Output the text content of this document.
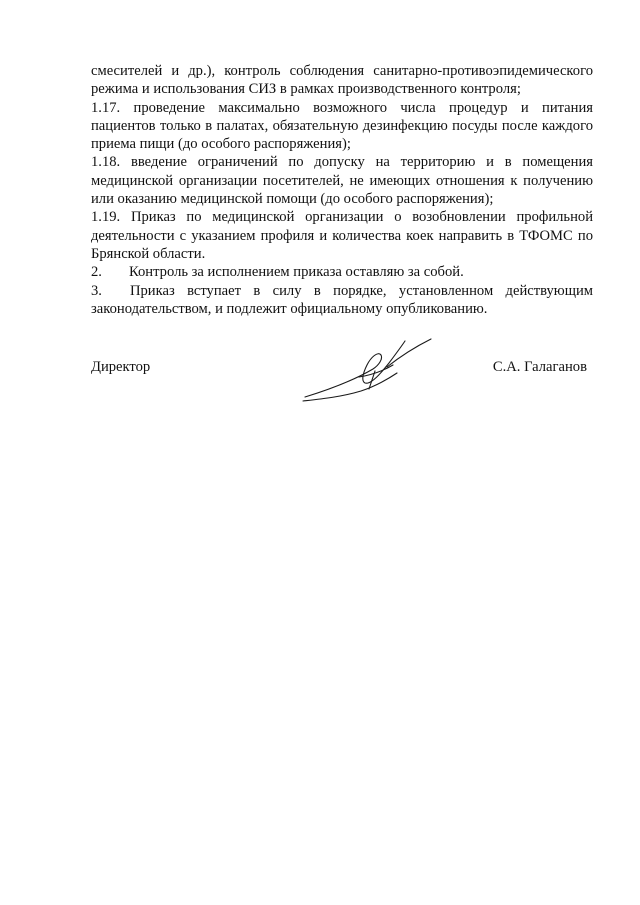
смесителей и др.), контроль соблюдения санитарно-противоэпидемического режима и использования СИЗ в рамках производственного контроля;

1.17. проведение максимально возможного числа процедур и питания пациентов только в палатах, обязательную дезинфекцию посуды после каждого приема пищи (до особого распоряжения);

1.18. введение ограничений по допуску на территорию и в помещения медицинской организации посетителей, не имеющих отношения к получению или оказанию медицинской помощи (до особого распоряжения);

1.19. Приказ по медицинской организации о возобновлении профильной деятельности с указанием профиля и количества коек направить в ТФОМС по Брянской области.

2.	Контроль за исполнением приказа оставляю за собой.

3. Приказ вступает в силу в порядке, установленном действующим законодательством, и подлежит официальному опубликованию.

Директор	С.А. Галаганов
